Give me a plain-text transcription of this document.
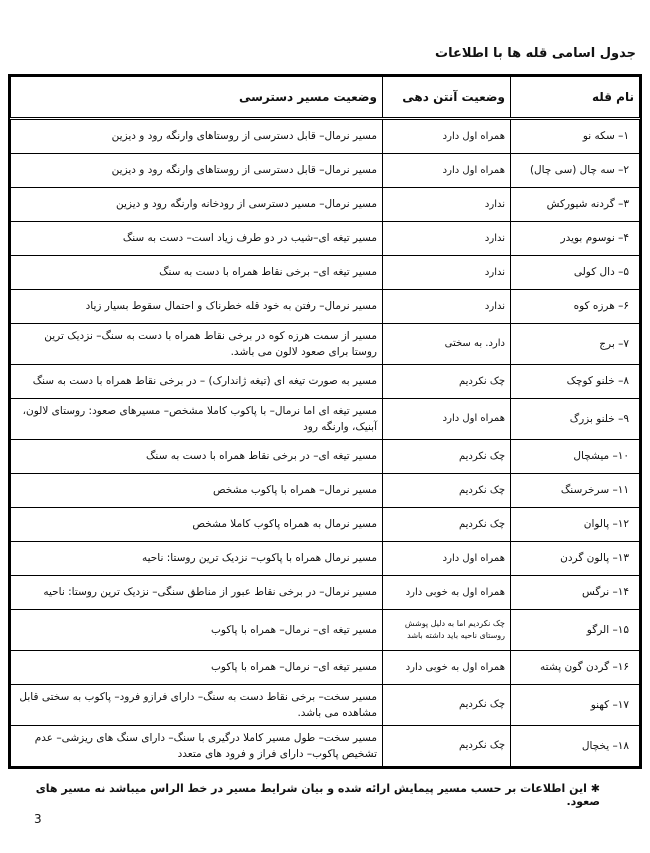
جدول اسامی قله ها با اطلاعات
نام قله	وضعیت آنتن دهی	وضعیت مسیر دسترسی
۱– سکه نو	همراه اول دارد	مسیر نرمال– قابل دسترسی از روستاهای وارنگه رود و دیزین
۲– سه چال (سی چال)	همراه اول دارد	مسیر نرمال– قابل دسترسی از روستاهای وارنگه رود و دیزین
۳– گردنه شیورکش	ندارد	مسیر نرمال– مسیر دسترسی از رودخانه وارنگه رود و دیزین
۴– نوسوم بویدر	ندارد	مسیر تیغه ای–شیب در دو طرف زیاد است– دست به سنگ
۵– دال کولی	ندارد	مسیر تیغه ای– برخی نقاط همراه با دست به سنگ
۶– هرزه کوه	ندارد	مسیر نرمال– رفتن به خود قله خطرناک و احتمال سقوط بسیار زیاد
۷– برج	دارد. به سختی	مسیر از سمت هرزه کوه در برخی نقاط همراه با دست به سنگ– نزدیک ترین روستا برای صعود لالون می باشد.
۸– خلنو کوچک	چک نکردیم	مسیر به صورت تیغه ای (تیغه ژاندارک) – در برخی نقاط همراه با دست به سنگ
۹– خلنو بزرگ	همراه اول دارد	مسیر تیغه ای اما نرمال– با پاکوب کاملا مشخص– مسیرهای صعود: روستای لالون، آبنیک، وارنگه رود
۱۰– میشچال	چک نکردیم	مسیر تیغه ای– در برخی نقاط همراه با دست به سنگ
۱۱– سرخرسنگ	چک نکردیم	مسیر نرمال– همراه با پاکوب مشخص
۱۲– پالوان	چک نکردیم	مسیر نرمال به همراه پاکوب کاملا مشخص
۱۳– پالون گردن	همراه اول دارد	مسیر نرمال همراه با پاکوب– نزدیک ترین روستا: ناحیه
۱۴– نرگس	همراه اول به خوبی دارد	مسیر نرمال– در برخی نقاط عبور از مناطق سنگی– نزدیک ترین روستا: ناحیه
۱۵– الرگو	چک نکردیم اما به دلیل پوشش روستای ناحیه باید داشته باشد	مسیر تیغه ای– نرمال– همراه با پاکوب
۱۶– گردن گون پشته	همراه اول به خوبی دارد	مسیر تیغه ای– نرمال– همراه با پاکوب
۱۷– کهنو	چک نکردیم	مسیر سخت– برخی نقاط دست به سنگ– دارای فرازو فرود– پاکوب به سختی قابل مشاهده می باشد.
۱۸– یخچال	چک نکردیم	مسیر سخت– طول مسیر کاملا درگیری با سنگ– دارای سنگ های ریزشی– عدم تشخیص پاکوب– دارای فراز و فرود های متعدد
✱ این اطلاعات بر حسب مسیر پیمایش ارائه شده و بیان شرایط مسیر در خط الراس میباشد نه مسیر های صعود.
3
